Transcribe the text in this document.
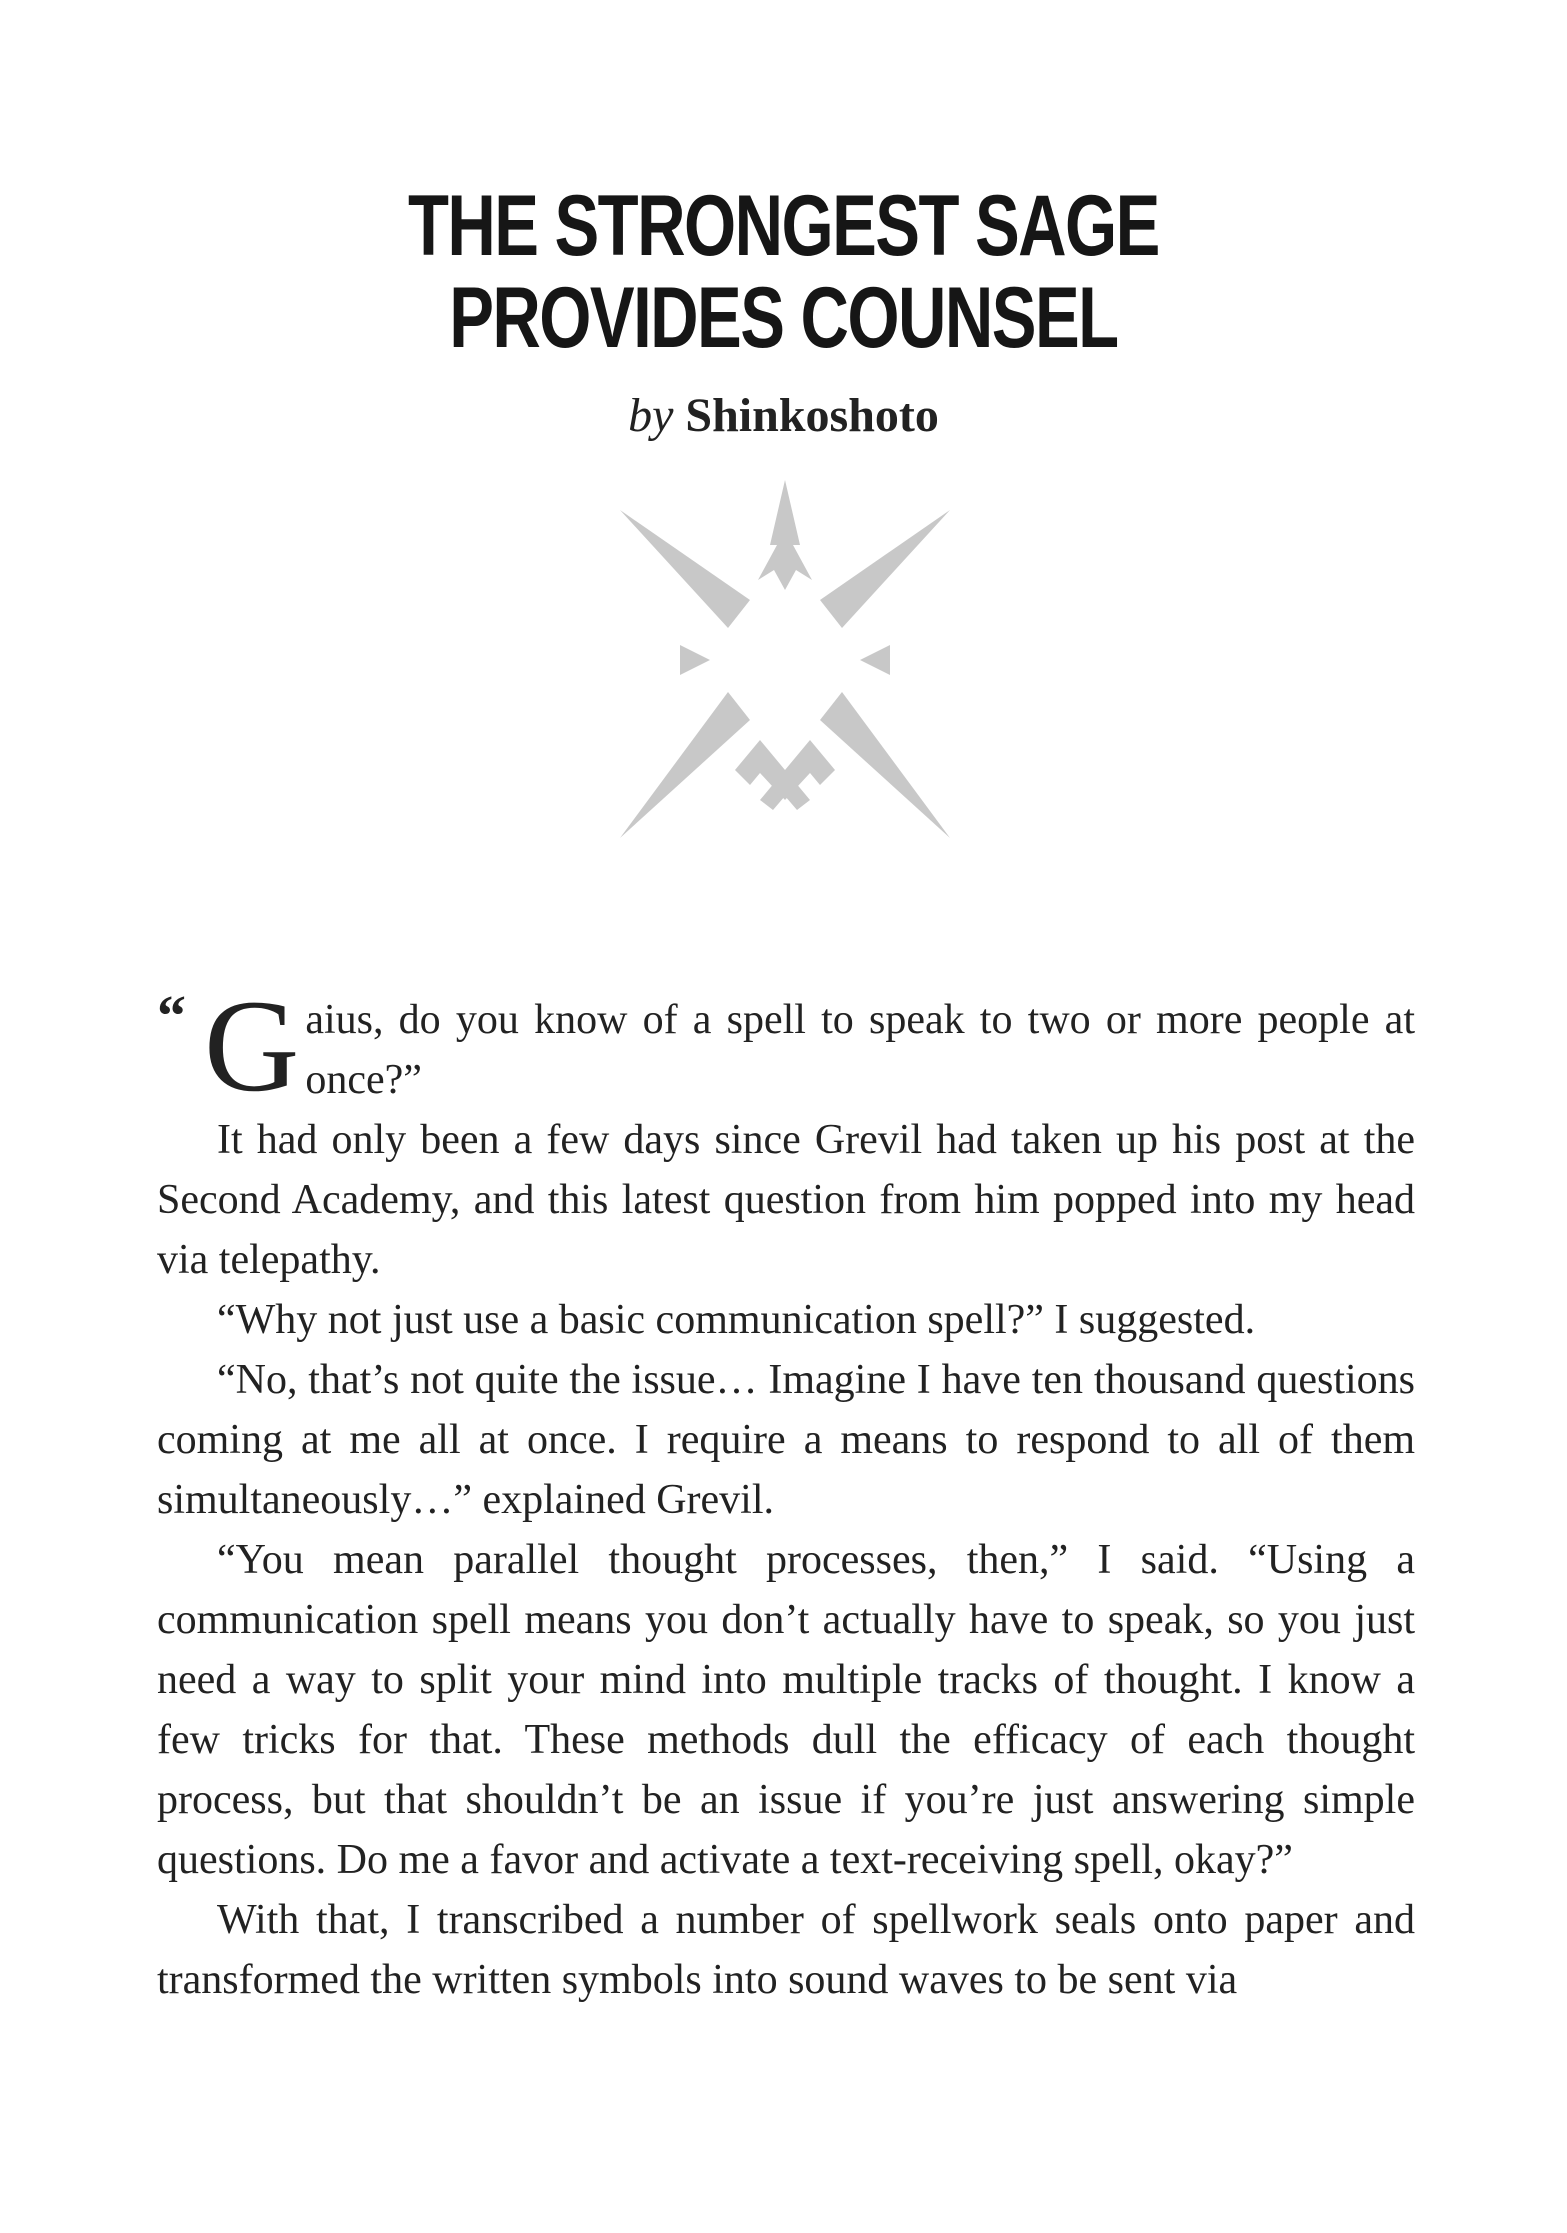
THE STRONGEST SAGE
PROVIDES COUNSEL
by Shinkoshoto

“ G aius, do you know of a spell to speak to two or more people at once?”

It had only been a few days since Grevil had taken up his post at the Second Academy, and this latest question from him popped into my head via telepathy.

“Why not just use a basic communication spell?” I suggested.

“No, that’s not quite the issue… Imagine I have ten thousand questions coming at me all at once. I require a means to respond to all of them simultaneously…” explained Grevil.

“You mean parallel thought processes, then,” I said. “Using a communication spell means you don’t actually have to speak, so you just need a way to split your mind into multiple tracks of thought. I know a few tricks for that. These methods dull the efficacy of each thought process, but that shouldn’t be an issue if you’re just answering simple questions. Do me a favor and activate a text-receiving spell, okay?”

With that, I transcribed a number of spellwork seals onto paper and transformed the written symbols into sound waves to be sent via
